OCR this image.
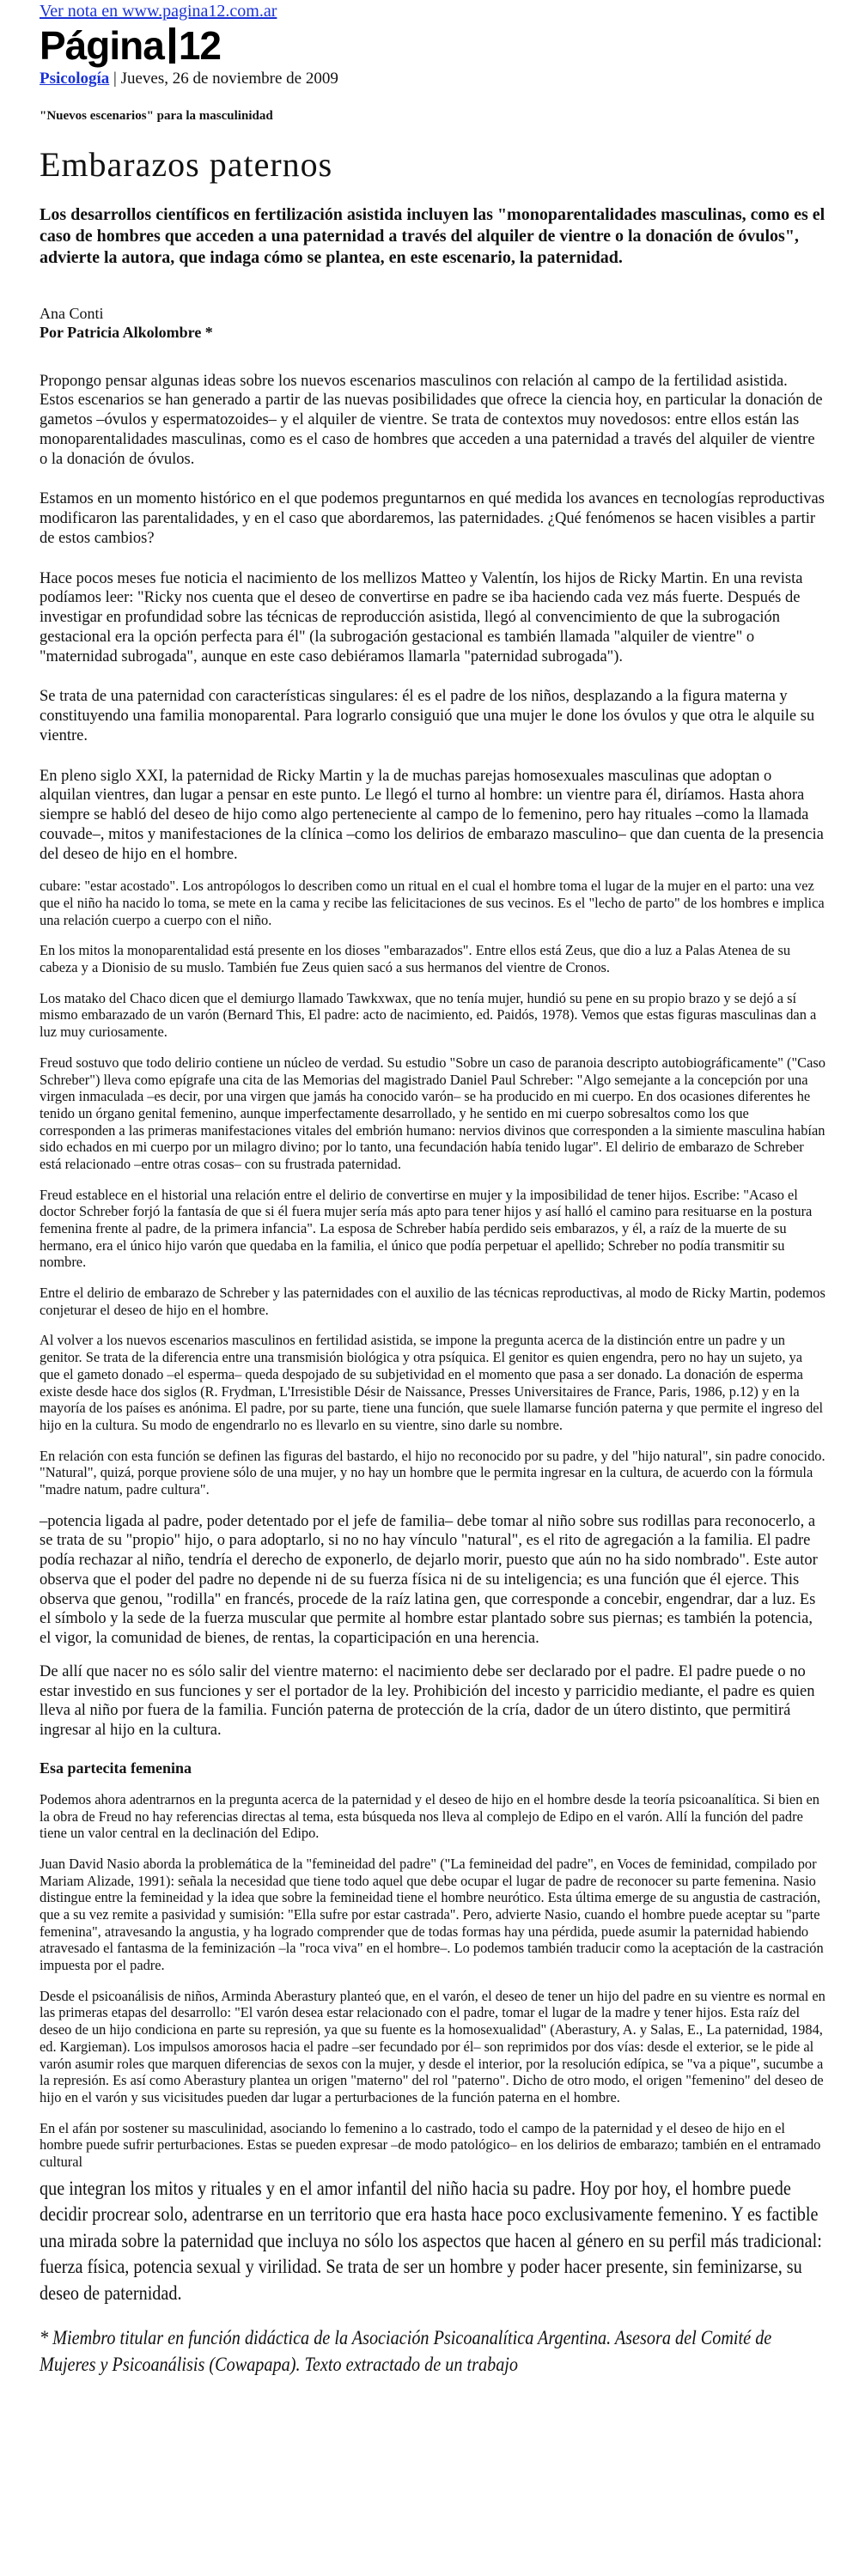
Ver nota en www.pagina12.com.ar
Página 12
Psicología | Jueves, 26 de noviembre de 2009
"Nuevos escenarios" para la masculinidad
Embarazos paternos
Los desarrollos científicos en fertilización asistida incluyen las "monoparentalidades masculinas, como es el caso de hombres que acceden a una paternidad a través del alquiler de vientre o la donación de óvulos", advierte la autora, que indaga cómo se plantea, en este escenario, la paternidad.
Ana Conti
Por Patricia Alkolombre *

Propongo pensar algunas ideas sobre los nuevos escenarios masculinos con relación al campo de la fertilidad asistida. Estos escenarios se han generado a partir de las nuevas posibilidades que ofrece la ciencia hoy, en particular la donación de gametos –óvulos y espermatozoides– y el alquiler de vientre. Se trata de contextos muy novedosos: entre ellos están las monoparentalidades masculinas, como es el caso de hombres que acceden a una paternidad a través del alquiler de vientre o la donación de óvulos.

Estamos en un momento histórico en el que podemos preguntarnos en qué medida los avances en tecnologías reproductivas modificaron las parentalidades, y en el caso que abordaremos, las paternidades. ¿Qué fenómenos se hacen visibles a partir de estos cambios?

Hace pocos meses fue noticia el nacimiento de los mellizos Matteo y Valentín, los hijos de Ricky Martin. En una revista podíamos leer: "Ricky nos cuenta que el deseo de convertirse en padre se iba haciendo cada vez más fuerte. Después de investigar en profundidad sobre las técnicas de reproducción asistida, llegó al convencimiento de que la subrogación gestacional era la opción perfecta para él" (la subrogación gestacional es también llamada "alquiler de vientre" o "maternidad subrogada", aunque en este caso debiéramos llamarla "paternidad subrogada").

Se trata de una paternidad con características singulares: él es el padre de los niños, desplazando a la figura materna y constituyendo una familia monoparental. Para lograrlo consiguió que una mujer le done los óvulos y que otra le alquile su vientre.

En pleno siglo XXI, la paternidad de Ricky Martin y la de muchas parejas homosexuales masculinas que adoptan o alquilan vientres, dan lugar a pensar en este punto. Le llegó el turno al hombre: un vientre para él, diríamos. Hasta ahora siempre se habló del deseo de hijo como algo perteneciente al campo de lo femenino, pero hay rituales –como la llamada couvade–, mitos y manifestaciones de la clínica –como los delirios de embarazo masculino– que dan cuenta de la presencia del deseo de hijo en el hombre.

cubare: "estar acostado". Los antropólogos lo describen como un ritual en el cual el hombre toma el lugar de la mujer en el parto: una vez que el niño ha nacido lo toma, se mete en la cama y recibe las felicitaciones de sus vecinos. Es el "lecho de parto" de los hombres e implica una relación cuerpo a cuerpo con el niño.

En los mitos la monoparentalidad está presente en los dioses "embarazados". Entre ellos está Zeus, que dio a luz a Palas Atenea de su cabeza y a Dionisio de su muslo. También fue Zeus quien sacó a sus hermanos del vientre de Cronos.

Los matako del Chaco dicen que el demiurgo llamado Tawkxwax, que no tenía mujer, hundió su pene en su propio brazo y se dejó a sí mismo embarazado de un varón (Bernard This, El padre: acto de nacimiento, ed. Paidós, 1978). Vemos que estas figuras masculinas dan a luz muy curiosamente.

Freud sostuvo que todo delirio contiene un núcleo de verdad. Su estudio "Sobre un caso de paranoia descripto autobiográficamente" ("Caso Schreber") lleva como epígrafe una cita de las Memorias del magistrado Daniel Paul Schreber: "Algo semejante a la concepción por una virgen inmaculada –es decir, por una virgen que jamás ha conocido varón– se ha producido en mi cuerpo. En dos ocasiones diferentes he tenido un órgano genital femenino, aunque imperfectamente desarrollado, y he sentido en mi cuerpo sobresaltos como los que corresponden a las primeras manifestaciones vitales del embrión humano: nervios divinos que corresponden a la simiente masculina habían sido echados en mi cuerpo por un milagro divino; por lo tanto, una fecundación había tenido lugar". El delirio de embarazo de Schreber está relacionado –entre otras cosas– con su frustrada paternidad.

Freud establece en el historial una relación entre el delirio de convertirse en mujer y la imposibilidad de tener hijos. Escribe: "Acaso el doctor Schreber forjó la fantasía de que si él fuera mujer sería más apto para tener hijos y así halló el camino para resituarse en la postura femenina frente al padre, de la primera infancia". La esposa de Schreber había perdido seis embarazos, y él, a raíz de la muerte de su hermano, era el único hijo varón que quedaba en la familia, el único que podía perpetuar el apellido; Schreber no podía transmitir su nombre.

Entre el delirio de embarazo de Schreber y las paternidades con el auxilio de las técnicas reproductivas, al modo de Ricky Martin, podemos conjeturar el deseo de hijo en el hombre.

Al volver a los nuevos escenarios masculinos en fertilidad asistida, se impone la pregunta acerca de la distinción entre un padre y un genitor. Se trata de la diferencia entre una transmisión biológica y otra psíquica. El genitor es quien engendra, pero no hay un sujeto, ya que el gameto donado –el esperma– queda despojado de su subjetividad en el momento que pasa a ser donado. La donación de esperma existe desde hace dos siglos (R. Frydman, L'Irresistible Désir de Naissance, Presses Universitaires de France, Paris, 1986, p.12) y en la mayoría de los países es anónima. El padre, por su parte, tiene una función, que suele llamarse función paterna y que permite el ingreso del hijo en la cultura. Su modo de engendrarlo no es llevarlo en su vientre, sino darle su nombre.

En relación con esta función se definen las figuras del bastardo, el hijo no reconocido por su padre, y del "hijo natural", sin padre conocido. "Natural", quizá, porque proviene sólo de una mujer, y no hay un hombre que le permita ingresar en la cultura, de acuerdo con la fórmula "madre natum, padre cultura".

–potencia ligada al padre, poder detentado por el jefe de familia– debe tomar al niño sobre sus rodillas para reconocerlo, a se trata de su "propio" hijo, o para adoptarlo, si no no hay vínculo "natural", es el rito de agregación a la familia. El padre podía rechazar al niño, tendría el derecho de exponerlo, de dejarlo morir, puesto que aún no ha sido nombrado". Este autor observa que el poder del padre no depende ni de su fuerza física ni de su inteligencia; es una función que él ejerce. This observa que genou, "rodilla" en francés, procede de la raíz latina gen, que corresponde a concebir, engendrar, dar a luz. Es el símbolo y la sede de la fuerza muscular que permite al hombre estar plantado sobre sus piernas; es también la potencia, el vigor, la comunidad de bienes, de rentas, la coparticipación en una herencia.

De allí que nacer no es sólo salir del vientre materno: el nacimiento debe ser declarado por el padre. El padre puede o no estar investido en sus funciones y ser el portador de la ley. Prohibición del incesto y parricidio mediante, el padre es quien lleva al niño por fuera de la familia. Función paterna de protección de la cría, dador de un útero distinto, que permitirá ingresar al hijo en la cultura.

Esa partecita femenina

Podemos ahora adentrarnos en la pregunta acerca de la paternidad y el deseo de hijo en el hombre desde la teoría psicoanalítica. Si bien en la obra de Freud no hay referencias directas al tema, esta búsqueda nos lleva al complejo de Edipo en el varón. Allí la función del padre tiene un valor central en la declinación del Edipo.

Juan David Nasio aborda la problemática de la "femineidad del padre" ("La femineidad del padre", en Voces de feminidad, compilado por Mariam Alizade, 1991): señala la necesidad que tiene todo aquel que debe ocupar el lugar de padre de reconocer su parte femenina. Nasio distingue entre la femineidad y la idea que sobre la femineidad tiene el hombre neurótico. Esta última emerge de su angustia de castración, que a su vez remite a pasividad y sumisión: "Ella sufre por estar castrada". Pero, advierte Nasio, cuando el hombre puede aceptar su "parte femenina", atravesando la angustia, y ha logrado comprender que de todas formas hay una pérdida, puede asumir la paternidad habiendo atravesado el fantasma de la feminización –la "roca viva" en el hombre–. Lo podemos también traducir como la aceptación de la castración impuesta por el padre.

Desde el psicoanálisis de niños, Arminda Aberastury planteó que, en el varón, el deseo de tener un hijo del padre en su vientre es normal en las primeras etapas del desarrollo: "El varón desea estar relacionado con el padre, tomar el lugar de la madre y tener hijos. Esta raíz del deseo de un hijo condiciona en parte su represión, ya que su fuente es la homosexualidad" (Aberastury, A. y Salas, E., La paternidad, 1984, ed. Kargieman). Los impulsos amorosos hacia el padre –ser fecundado por él– son reprimidos por dos vías: desde el exterior, se le pide al varón asumir roles que marquen diferencias de sexos con la mujer, y desde el interior, por la resolución edípica, se "va a pique", sucumbe a la represión. Es así como Aberastury plantea un origen "materno" del rol "paterno". Dicho de otro modo, el origen "femenino" del deseo de hijo en el varón y sus vicisitudes pueden dar lugar a perturbaciones de la función paterna en el hombre.

En el afán por sostener su masculinidad, asociando lo femenino a lo castrado, todo el campo de la paternidad y el deseo de hijo en el hombre puede sufrir perturbaciones. Estas se pueden expresar –de modo patológico– en los delirios de embarazo; también en el entramado cultural

que integran los mitos y rituales y en el amor infantil del niño hacia su padre. Hoy por hoy, el hombre puede decidir procrear solo, adentrarse en un territorio que era hasta hace poco exclusivamente femenino. Y es factible una mirada sobre la paternidad que incluya no sólo los aspectos que hacen al género en su perfil más tradicional: fuerza física, potencia sexual y virilidad. Se trata de ser un hombre y poder hacer presente, sin feminizarse, su deseo de paternidad.

* Miembro titular en función didáctica de la Asociación Psicoanalítica Argentina. Asesora del Comité de Mujeres y Psicoanálisis (Cowapapa). Texto extractado de un trabajo
